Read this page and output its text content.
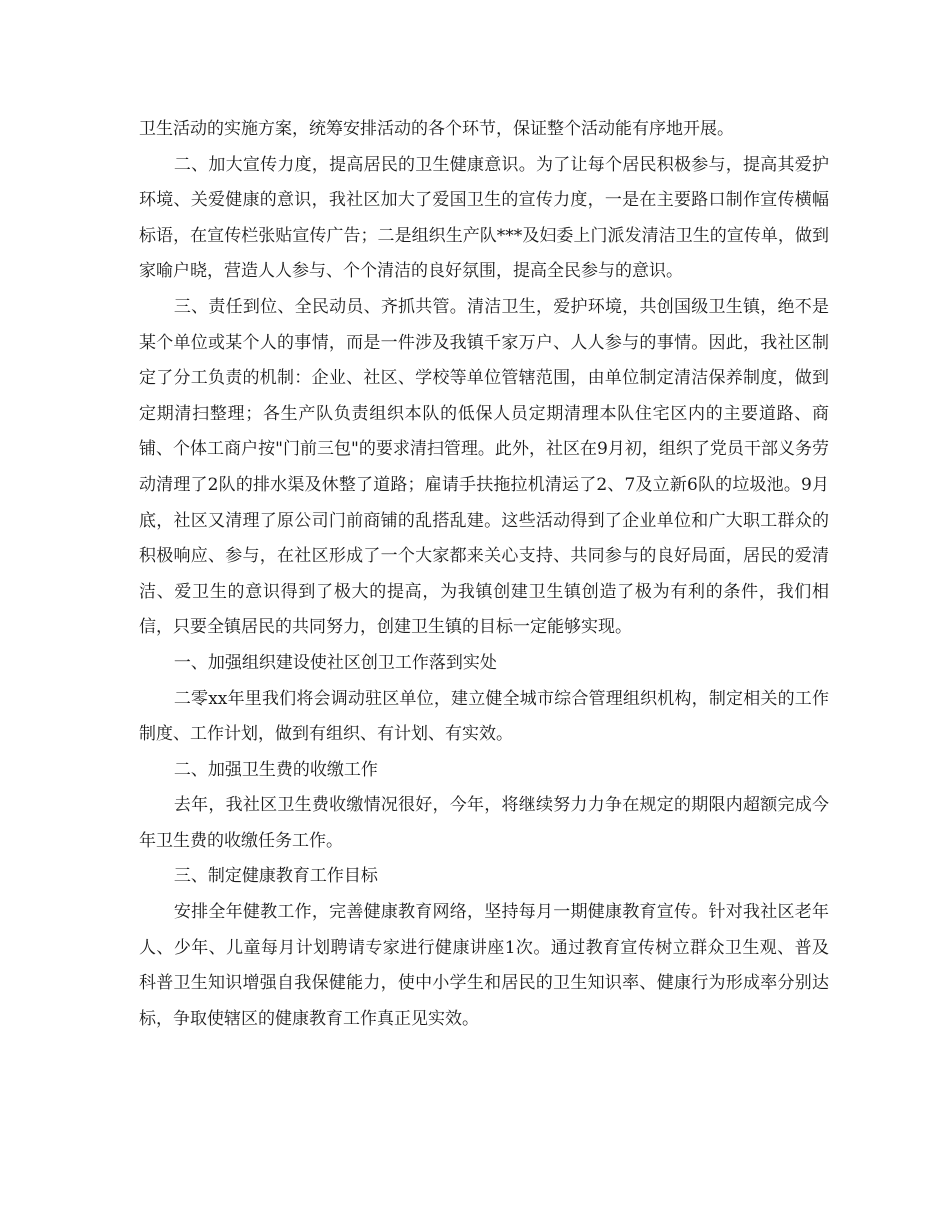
卫生活动的实施方案，统筹安排活动的各个环节，保证整个活动能有序地开展。

二、加大宣传力度，提高居民的卫生健康意识。为了让每个居民积极参与，提高其爱护环境、关爱健康的意识，我社区加大了爱国卫生的宣传力度，一是在主要路口制作宣传横幅标语，在宣传栏张贴宣传广告；二是组织生产队***及妇委上门派发清洁卫生的宣传单，做到家喻户晓，营造人人参与、个个清洁的良好氛围，提高全民参与的意识。

三、责任到位、全民动员、齐抓共管。清洁卫生，爱护环境，共创国级卫生镇，绝不是某个单位或某个人的事情，而是一件涉及我镇千家万户、人人参与的事情。因此，我社区制定了分工负责的机制：企业、社区、学校等单位管辖范围，由单位制定清洁保养制度，做到定期清扫整理；各生产队负责组织本队的低保人员定期清理本队住宅区内的主要道路、商铺、个体工商户按"门前三包"的要求清扫管理。此外，社区在9月初，组织了党员干部义务劳动清理了2队的排水渠及休整了道路；雇请手扶拖拉机清运了2、7及立新6队的垃圾池。9月底，社区又清理了原公司门前商铺的乱搭乱建。这些活动得到了企业单位和广大职工群众的积极响应、参与，在社区形成了一个大家都来关心支持、共同参与的良好局面，居民的爱清洁、爱卫生的意识得到了极大的提高，为我镇创建卫生镇创造了极为有利的条件，我们相信，只要全镇居民的共同努力，创建卫生镇的目标一定能够实现。

一、加强组织建设使社区创卫工作落到实处

二零xx年里我们将会调动驻区单位，建立健全城市综合管理组织机构，制定相关的工作制度、工作计划，做到有组织、有计划、有实效。

二、加强卫生费的收缴工作

去年，我社区卫生费收缴情况很好，今年，将继续努力力争在规定的期限内超额完成今年卫生费的收缴任务工作。

三、制定健康教育工作目标

安排全年健教工作，完善健康教育网络，坚持每月一期健康教育宣传。针对我社区老年人、少年、儿童每月计划聘请专家进行健康讲座1次。通过教育宣传树立群众卫生观、普及科普卫生知识增强自我保健能力，使中小学生和居民的卫生知识率、健康行为形成率分别达标，争取使辖区的健康教育工作真正见实效。
